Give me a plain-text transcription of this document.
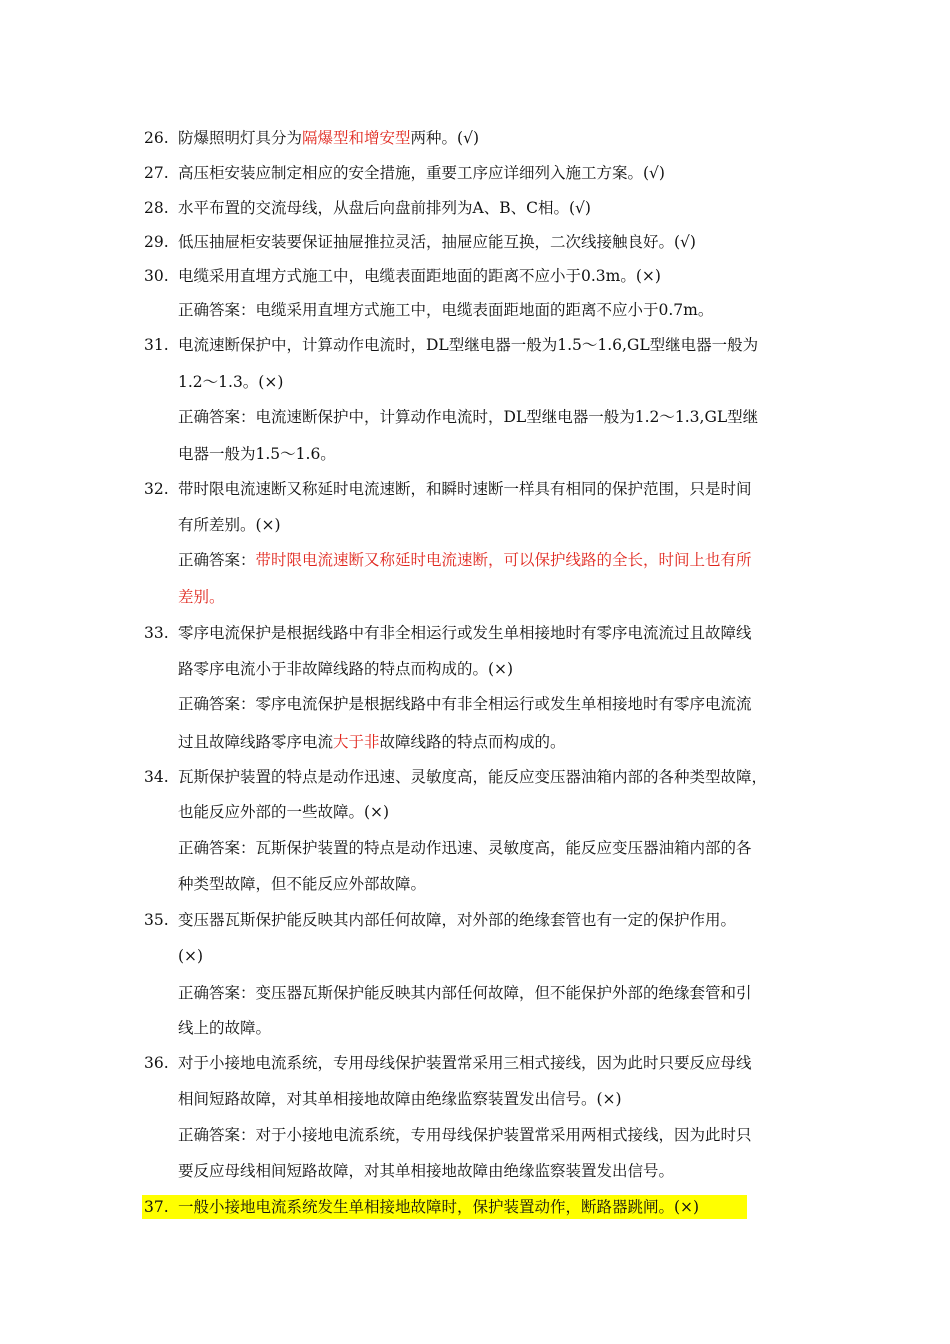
26. 防爆照明灯具分为隔爆型和增安型两种。(√)
27. 高压柜安装应制定相应的安全措施，重要工序应详细列入施工方案。(√)
28. 水平布置的交流母线，从盘后向盘前排列为A、B、C相。(√)
29. 低压抽屉柜安装要保证抽屉推拉灵活，抽屉应能互换，二次线接触良好。(√)
30. 电缆采用直埋方式施工中，电缆表面距地面的距离不应小于0.3m。(×)
正确答案：电缆采用直埋方式施工中，电缆表面距地面的距离不应小于0.7m。
31. 电流速断保护中，计算动作电流时，DL型继电器一般为1.5～1.6,GL型继电器一般为
1.2～1.3。(×)
正确答案：电流速断保护中，计算动作电流时，DL型继电器一般为1.2～1.3,GL型继
电器一般为1.5～1.6。
32. 带时限电流速断又称延时电流速断，和瞬时速断一样具有相同的保护范围，只是时间
有所差别。(×)
正确答案：带时限电流速断又称延时电流速断，可以保护线路的全长，时间上也有所
差别。
33. 零序电流保护是根据线路中有非全相运行或发生单相接地时有零序电流流过且故障线
路零序电流小于非故障线路的特点而构成的。(×)
正确答案：零序电流保护是根据线路中有非全相运行或发生单相接地时有零序电流流
过且故障线路零序电流大于非故障线路的特点而构成的。
34. 瓦斯保护装置的特点是动作迅速、灵敏度高，能反应变压器油箱内部的各种类型故障，
也能反应外部的一些故障。(×)
正确答案：瓦斯保护装置的特点是动作迅速、灵敏度高，能反应变压器油箱内部的各
种类型故障，但不能反应外部故障。
35. 变压器瓦斯保护能反映其内部任何故障，对外部的绝缘套管也有一定的保护作用。
(×)
正确答案：变压器瓦斯保护能反映其内部任何故障，但不能保护外部的绝缘套管和引
线上的故障。
36. 对于小接地电流系统，专用母线保护装置常采用三相式接线，因为此时只要反应母线
相间短路故障，对其单相接地故障由绝缘监察装置发出信号。(×)
正确答案：对于小接地电流系统，专用母线保护装置常采用两相式接线，因为此时只
要反应母线相间短路故障，对其单相接地故障由绝缘监察装置发出信号。
37. 一般小接地电流系统发生单相接地故障时，保护装置动作，断路器跳闸。(×)
